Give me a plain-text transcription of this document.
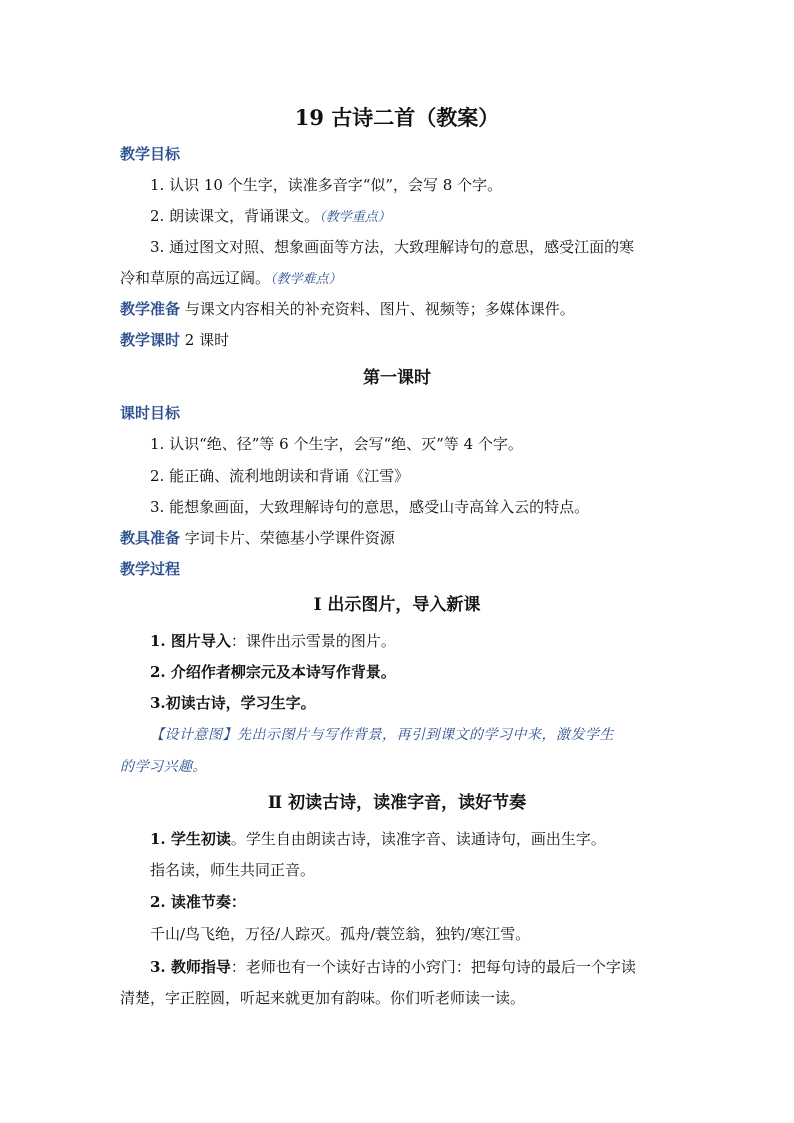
19 古诗二首（教案）
教学目标
1. 认识 10 个生字，读准多音字“似”，会写 8 个字。
2. 朗读课文，背诵课文。（教学重点）
3. 通过图文对照、想象画面等方法，大致理解诗句的意思，感受江面的寒
冷和草原的高远辽阔。（教学难点）
教学准备 与课文内容相关的补充资料、图片、视频等；多媒体课件。
教学课时 2 课时
第一课时
课时目标
1. 认识“绝、径”等 6 个生字，会写“绝、灭”等 4 个字。
2. 能正确、流利地朗读和背诵《江雪》
3. 能想象画面，大致理解诗句的意思，感受山寺高耸入云的特点。
教具准备 字词卡片、荣德基小学课件资源
教学过程
Ⅰ 出示图片，导入新课
1. 图片导入：课件出示雪景的图片。
2. 介绍作者柳宗元及本诗写作背景。
3.初读古诗，学习生字。
【设计意图】先出示图片与写作背景，再引到课文的学习中来，激发学生
的学习兴趣。
Ⅱ 初读古诗，读准字音，读好节奏
1. 学生初读。学生自由朗读古诗，读准字音、读通诗句，画出生字。
指名读，师生共同正音。
2. 读准节奏：
千山/鸟飞绝，万径/人踪灭。孤舟/蓑笠翁，独钓/寒江雪。
3. 教师指导：老师也有一个读好古诗的小窍门：把每句诗的最后一个字读
清楚，字正腔圆，听起来就更加有韵味。你们听老师读一读。
